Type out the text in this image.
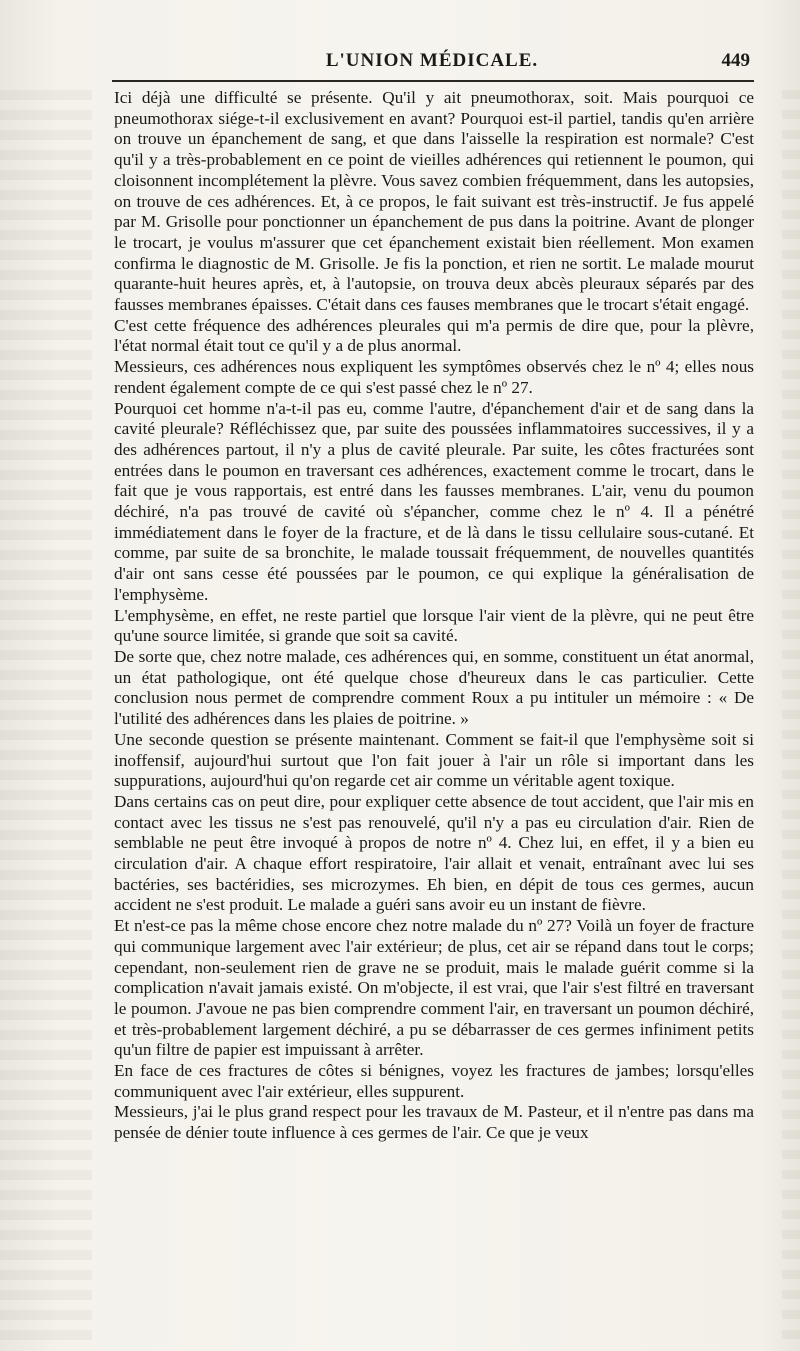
L'UNION MÉDICALE.	449

Ici déjà une difficulté se présente. Qu'il y ait pneumothorax, soit. Mais pourquoi ce pneumothorax siége-t-il exclusivement en avant? Pourquoi est-il partiel, tandis qu'en arrière on trouve un épanchement de sang, et que dans l'aisselle la respiration est normale? C'est qu'il y a très-probablement en ce point de vieilles adhérences qui retiennent le poumon, qui cloisonnent incomplétement la plèvre. Vous savez combien fréquemment, dans les autopsies, on trouve de ces adhérences. Et, à ce propos, le fait suivant est très-instructif. Je fus appelé par M. Grisolle pour ponctionner un épanchement de pus dans la poitrine. Avant de plonger le trocart, je voulus m'assurer que cet épanchement existait bien réellement. Mon examen confirma le diagnostic de M. Grisolle. Je fis la ponction, et rien ne sortit. Le malade mourut quarante-huit heures après, et, à l'autopsie, on trouva deux abcès pleuraux séparés par des fausses membranes épaisses. C'était dans ces fauses membranes que le trocart s'était engagé.

C'est cette fréquence des adhérences pleurales qui m'a permis de dire que, pour la plèvre, l'état normal était tout ce qu'il y a de plus anormal.

Messieurs, ces adhérences nous expliquent les symptômes observés chez le nº 4; elles nous rendent également compte de ce qui s'est passé chez le nº 27.

Pourquoi cet homme n'a-t-il pas eu, comme l'autre, d'épanchement d'air et de sang dans la cavité pleurale? Réfléchissez que, par suite des poussées inflammatoires successives, il y a des adhérences partout, il n'y a plus de cavité pleurale. Par suite, les côtes fracturées sont entrées dans le poumon en traversant ces adhérences, exactement comme le trocart, dans le fait que je vous rapportais, est entré dans les fausses membranes. L'air, venu du poumon déchiré, n'a pas trouvé de cavité où s'épancher, comme chez le nº 4. Il a pénétré immédiatement dans le foyer de la fracture, et de là dans le tissu cellulaire sous-cutané. Et comme, par suite de sa bronchite, le malade toussait fréquemment, de nouvelles quantités d'air ont sans cesse été poussées par le poumon, ce qui explique la généralisation de l'emphysème.

L'emphysème, en effet, ne reste partiel que lorsque l'air vient de la plèvre, qui ne peut être qu'une source limitée, si grande que soit sa cavité.

De sorte que, chez notre malade, ces adhérences qui, en somme, constituent un état anormal, un état pathologique, ont été quelque chose d'heureux dans le cas particulier. Cette conclusion nous permet de comprendre comment Roux a pu intituler un mémoire : « De l'utilité des adhérences dans les plaies de poitrine. »

Une seconde question se présente maintenant. Comment se fait-il que l'emphysème soit si inoffensif, aujourd'hui surtout que l'on fait jouer à l'air un rôle si important dans les suppurations, aujourd'hui qu'on regarde cet air comme un véritable agent toxique.

Dans certains cas on peut dire, pour expliquer cette absence de tout accident, que l'air mis en contact avec les tissus ne s'est pas renouvelé, qu'il n'y a pas eu circulation d'air. Rien de semblable ne peut être invoqué à propos de notre nº 4. Chez lui, en effet, il y a bien eu circulation d'air. A chaque effort respiratoire, l'air allait et venait, entraînant avec lui ses bactéries, ses bactéridies, ses microzymes. Eh bien, en dépit de tous ces germes, aucun accident ne s'est produit. Le malade a guéri sans avoir eu un instant de fièvre.

Et n'est-ce pas la même chose encore chez notre malade du nº 27? Voilà un foyer de fracture qui communique largement avec l'air extérieur; de plus, cet air se répand dans tout le corps; cependant, non-seulement rien de grave ne se produit, mais le malade guérit comme si la complication n'avait jamais existé. On m'objecte, il est vrai, que l'air s'est filtré en traversant le poumon. J'avoue ne pas bien comprendre comment l'air, en traversant un poumon déchiré, et très-probablement largement déchiré, a pu se débarrasser de ces germes infiniment petits qu'un filtre de papier est impuissant à arrêter.

En face de ces fractures de côtes si bénignes, voyez les fractures de jambes; lorsqu'elles communiquent avec l'air extérieur, elles suppurent.

Messieurs, j'ai le plus grand respect pour les travaux de M. Pasteur, et il n'entre pas dans ma pensée de dénier toute influence à ces germes de l'air. Ce que je veux
